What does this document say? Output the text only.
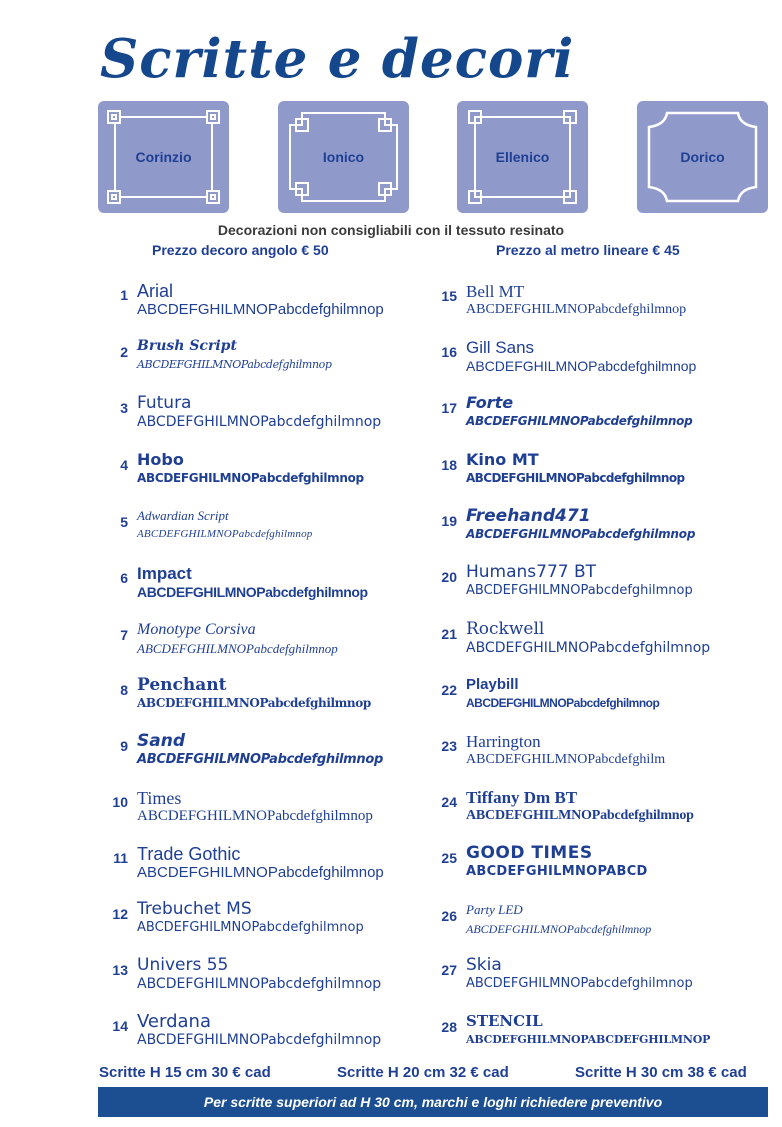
Scritte e decori
Corinzio	Ionico	Ellenico	Dorico
Decorazioni non consigliabili con il tessuto resinato
Prezzo decoro angolo € 50	Prezzo al metro lineare € 45
1 Arial
ABCDEFGHILMNOPabcdefghilmnop
2 Brush Script
ABCDEFGHILMNOPabcdefghilmnop
3 Futura
ABCDEFGHILMNOPabcdefghilmnop
4 Hobo
ABCDEFGHILMNOPabcdefghilmnop
5 Adwardian Script
ABCDEFGHILMNOPabcdefghilmnop
6 Impact
ABCDEFGHILMNOPabcdefghilmnop
7 Monotype Corsiva
ABCDEFGHILMNOPabcdefghilmnop
8 Penchant
ABCDEFGHILMNOPabcdefghilmnop
9 Sand
ABCDEFGHILMNOPabcdefghilmnop
10 Times
ABCDEFGHILMNOPabcdefghilmnop
11 Trade Gothic
ABCDEFGHILMNOPabcdefghilmnop
12 Trebuchet MS
ABCDEFGHILMNOPabcdefghilmnop
13 Univers 55
ABCDEFGHILMNOPabcdefghilmnop
14 Verdana
ABCDEFGHILMNOPabcdefghilmnop
15 Bell MT
ABCDEFGHILMNOPabcdefghilmnop
16 Gill Sans
ABCDEFGHILMNOPabcdefghilmnop
17 Forte
ABCDEFGHILMNOPabcdefghilmnop
18 Kino MT
ABCDEFGHILMNOPabcdefghilmnop
19 Freehand471
ABCDEFGHILMNOPabcdefghilmnop
20 Humans777 BT
ABCDEFGHILMNOPabcdefghilmnop
21 Rockwell
ABCDEFGHILMNOPabcdefghilmnop
22 Playbill
ABCDEFGHILMNOPabcdefghilmnop
23 Harrington
ABCDEFGHILMNOPabcdefghilm
24 Tiffany Dm BT
ABCDEFGHILMNOPabcdefghilmnop
25 GOOD TIMES
ABCDEFGHILMNOPABCD
26 Party LED
ABCDEFGHILMNOPabcdefghilmnop
27 Skia
ABCDEFGHILMNOPabcdefghilmnop
28 STENCIL
ABCDEFGHILMNOPABCDEFGHILMNOP
Scritte H 15 cm 30 € cad	Scritte H 20 cm 32 € cad	Scritte H 30 cm 38 € cad
Per scritte superiori ad H 30 cm, marchi e loghi richiedere preventivo
